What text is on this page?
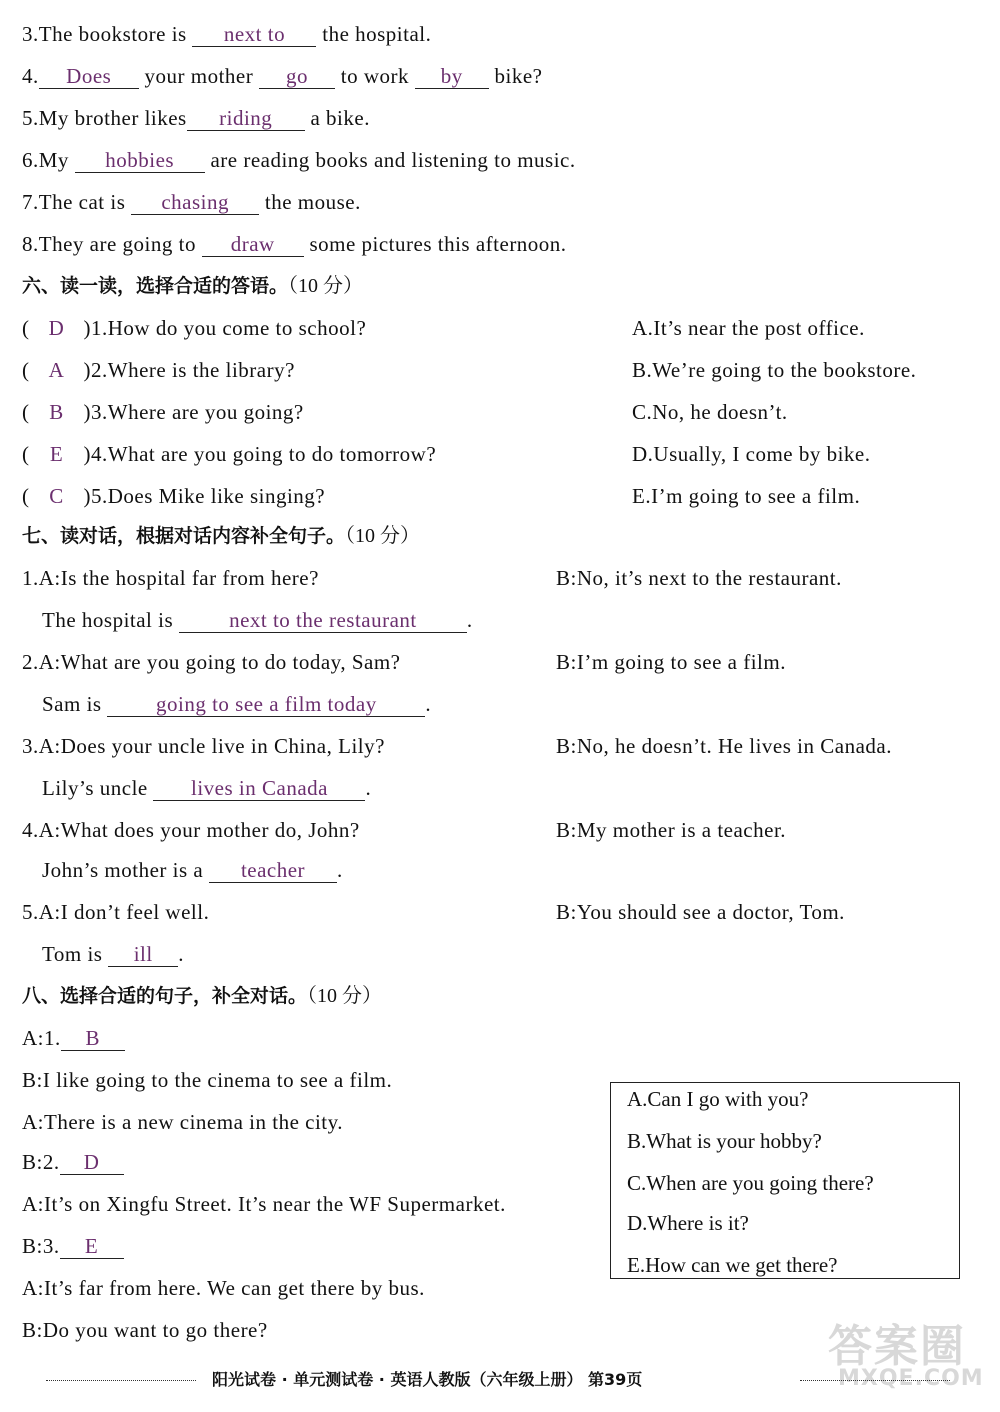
3.The bookstore is next to the hospital.
4. Does your mother go to work by bike?
5.My brother likes riding a bike.
6.My hobbies are reading books and listening to music.
7.The cat is chasing the mouse.
8.They are going to draw some pictures this afternoon.
六、读一读，选择合适的答语。（10 分）
( D )1.How do you come to school?	A.It’s near the post office.
( A )2.Where is the library?	B.We’re going to the bookstore.
( B )3.Where are you going?	C.No, he doesn’t.
( E )4.What are you going to do tomorrow?	D.Usually, I come by bike.
( C )5.Does Mike like singing?	E.I’m going to see a film.
七、读对话，根据对话内容补全句子。（10 分）
1.A:Is the hospital far from here?	B:No, it’s next to the restaurant.
The hospital is next to the restaurant .
2.A:What are you going to do today, Sam?	B:I’m going to see a film.
Sam is going to see a film today .
3.A:Does your uncle live in China, Lily?	B:No, he doesn’t. He lives in Canada.
Lily’s uncle lives in Canada .
4.A:What does your mother do, John?	B:My mother is a teacher.
John’s mother is a teacher .
5.A:I don’t feel well.	B:You should see a doctor, Tom.
Tom is ill .
八、选择合适的句子，补全对话。（10 分）
A:1. B
B:I like going to the cinema to see a film.
A:There is a new cinema in the city.
B:2. D
A:It’s on Xingfu Street. It’s near the WF Supermarket.
B:3. E
A:It’s far from here. We can get there by bus.
B:Do you want to go there?
A.Can I go with you?
B.What is your hobby?
C.When are you going there?
D.Where is it?
E.How can we get there?
答案圈
MXQE.COM
阳光试卷 · 单元测试卷 · 英语人教版（六年级上册） 第39页
